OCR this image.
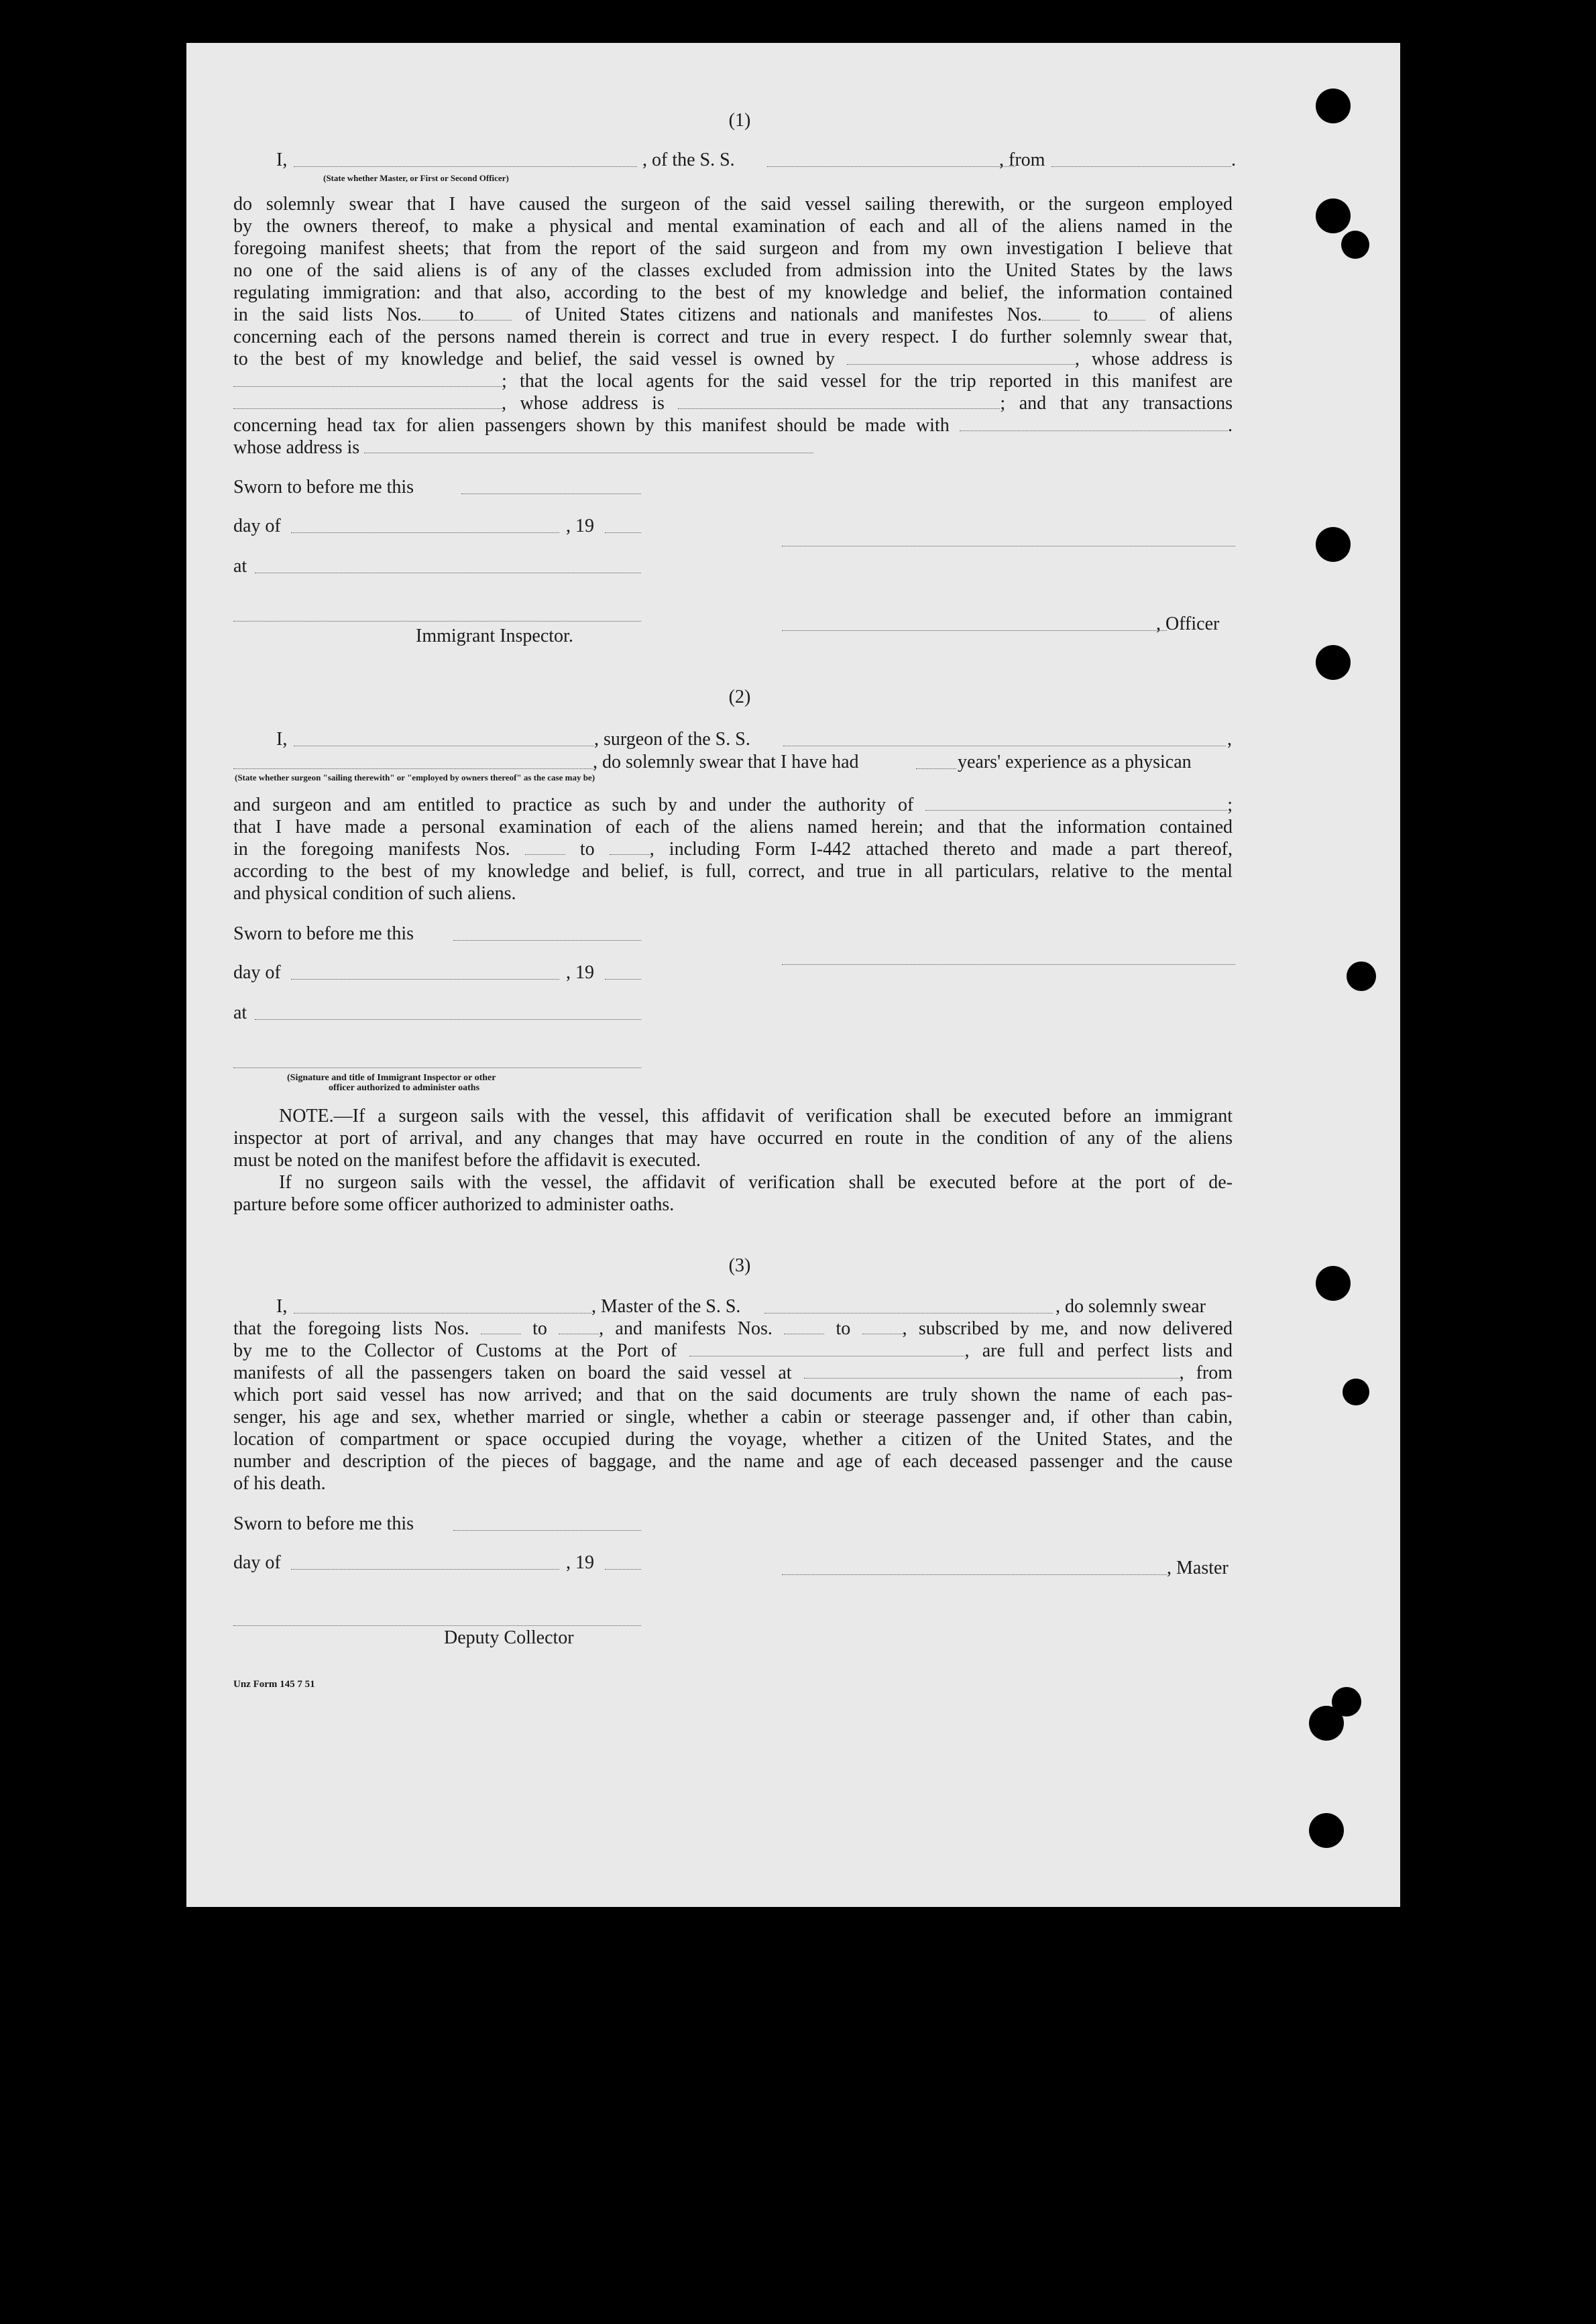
(1)
I,	, of the S. S.	, from	.
(State whether Master, or First or Second Officer)
do solemnly swear that I have caused the surgeon of the said vessel sailing therewith, or the surgeon employed
by the owners thereof, to make a physical and mental examination of each and all of the aliens named in the
foregoing manifest sheets; that from the report of the said surgeon and from my own investigation I believe that
no one of the said aliens is of any of the classes excluded from admission into the United States by the laws
regulating immigration: and that also, according to the best of my knowledge and belief, the information contained
in the said lists Nos. to	of United States citizens and nationals and manifestes Nos.	to	of aliens
concerning each of the persons named therein is correct and true in every respect. I do further solemnly swear that,
to the best of my knowledge and belief, the said vessel is owned by	, whose address is
; that the local agents for the said vessel for the trip reported in this manifest are
, whose address is	; and that any transactions
concerning head tax for alien passengers shown by this manifest should be made with	.
whose address is
Sworn to before me this
day of	, 19
at
, Officer
Immigrant Inspector.
(2)
I,	, surgeon of the S. S.	,
, do solemnly swear that I have had	years' experience as a physican
(State whether surgeon "sailing therewith" or "employed by owners thereof" as the case may be)
and surgeon and am entitled to practice as such by and under the authority of	;
that I have made a personal examination of each of the aliens named herein; and that the information contained
in the foregoing manifests Nos.	to	, including Form I-442 attached thereto and made a part thereof,
according to the best of my knowledge and belief, is full, correct, and true in all particulars, relative to the mental
and physical condition of such aliens.
Sworn to before me this
day of	, 19
at
(Signature and title of Immigrant Inspector or other
officer authorized to administer oaths
NOTE.—If a surgeon sails with the vessel, this affidavit of verification shall be executed before an immigrant
inspector at port of arrival, and any changes that may have occurred en route in the condition of any of the aliens
must be noted on the manifest before the affidavit is executed.
If no surgeon sails with the vessel, the affidavit of verification shall be executed before at the port of de-
parture before some officer authorized to administer oaths.
(3)
I,	, Master of the S. S.	, do solemnly swear
that the foregoing lists Nos.	to	, and manifests Nos.	to	, subscribed by me, and now delivered
by me to the Collector of Customs at the Port of	, are full and perfect lists and
manifests of all the passengers taken on board the said vessel at	, from
which port said vessel has now arrived; and that on the said documents are truly shown the name of each pas-
senger, his age and sex, whether married or single, whether a cabin or steerage passenger and, if other than cabin,
location of compartment or space occupied during the voyage, whether a citizen of the United States, and the
number and description of the pieces of baggage, and the name and age of each deceased passenger and the cause
of his death.
Sworn to before me this
day of	, 19	, Master
Deputy Collector
Unz Form 145 7 51
